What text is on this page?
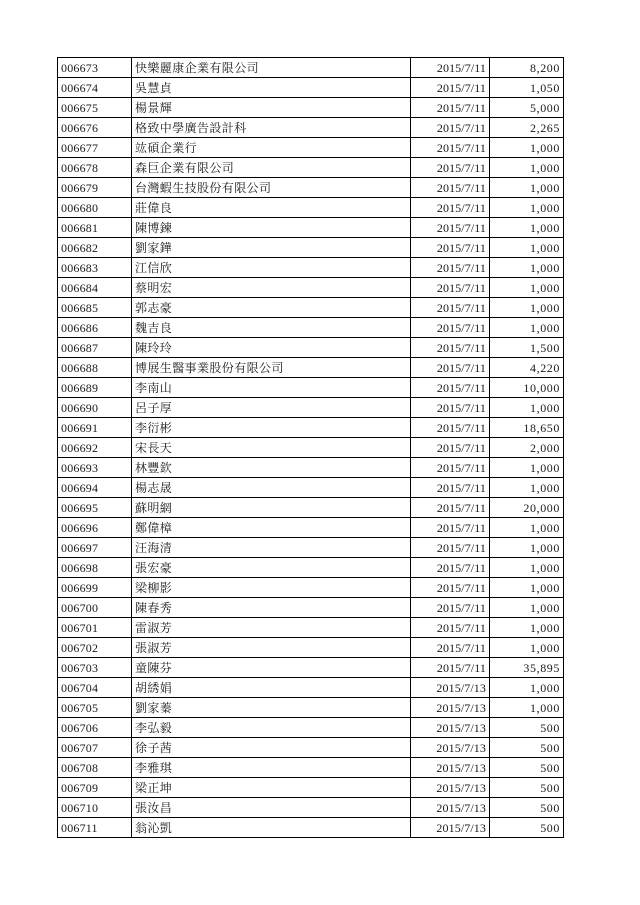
006673	快樂麗康企業有限公司	2015/7/11	8,200	
006674	吳慧貞	2015/7/11	1,050	
006675	楊景輝	2015/7/11	5,000	
006676	格致中學廣告設計科	2015/7/11	2,265	
006677	竑碩企業行	2015/7/11	1,000	
006678	森巨企業有限公司	2015/7/11	1,000	
006679	台灣蝦生技股份有限公司	2015/7/11	1,000	
006680	莊偉良	2015/7/11	1,000	
006681	陳博鍊	2015/7/11	1,000	
006682	劉家鏵	2015/7/11	1,000	
006683	江信欣	2015/7/11	1,000	
006684	蔡明宏	2015/7/11	1,000	
006685	郭志豪	2015/7/11	1,000	
006686	魏吉良	2015/7/11	1,000	
006687	陳玲玲	2015/7/11	1,500	
006688	博展生醫事業股份有限公司	2015/7/11	4,220	
006689	李南山	2015/7/11	10,000	
006690	呂子厚	2015/7/11	1,000	
006691	李衍彬	2015/7/11	18,650	
006692	宋長天	2015/7/11	2,000	
006693	林豐欽	2015/7/11	1,000	
006694	楊志晟	2015/7/11	1,000	
006695	蘇明網	2015/7/11	20,000	
006696	鄭偉樟	2015/7/11	1,000	
006697	汪海清	2015/7/11	1,000	
006698	張宏豪	2015/7/11	1,000	
006699	梁柳影	2015/7/11	1,000	
006700	陳春秀	2015/7/11	1,000	
006701	雷淑芳	2015/7/11	1,000	
006702	張淑芳	2015/7/11	1,000	
006703	童陳芬	2015/7/11	35,895	
006704	胡綉娟	2015/7/13	1,000	
006705	劉家蓁	2015/7/13	1,000	
006706	李弘毅	2015/7/13	500	
006707	徐子茜	2015/7/13	500	
006708	李雅琪	2015/7/13	500	
006709	梁正坤	2015/7/13	500	
006710	張汝昌	2015/7/13	500	
006711	翁沁凱	2015/7/13	500	
